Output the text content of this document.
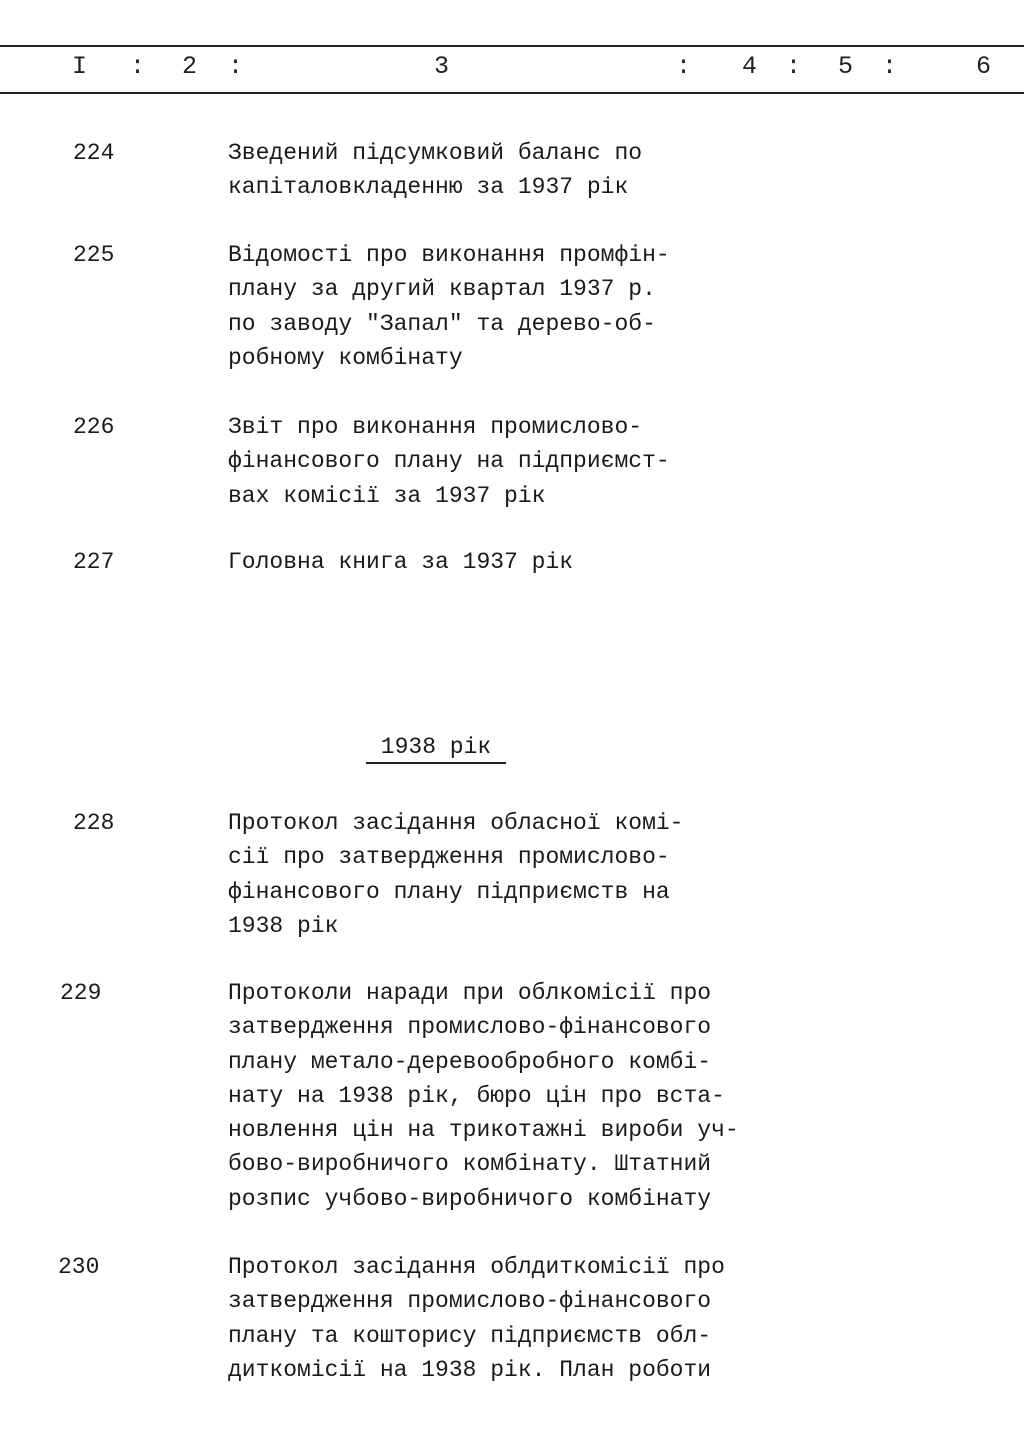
I : 2 :	3	: 4 : 5 :	6
1938 рік
224	Зведений підсумковий баланс по
капіталовкладенню за 1937 рік
225	Відомості про виконання промфін-
плану за другий квартал 1937 р.
по заводу "Запал" та дерево-об-
робному комбінату
226	Звіт про виконання промислово-
фінансового плану на підприємст-
вах комісії за 1937 рік
227	Головна книга за 1937 рік
228	Протокол засідання обласної комі-
сії про затвердження промислово-
фінансового плану підприємств на
1938 рік
229	Протоколи наради при облкомісії про
затвердження промислово-фінансового
плану метало-деревообробного комбі-
нату на 1938 рік, бюро цін про вста-
новлення цін на трикотажні вироби уч-
бово-виробничого комбінату. Штатний
розпис учбово-виробничого комбінату
230	Протокол засідання облдиткомісії про
затвердження промислово-фінансового
плану та кошторису підприємств обл-
диткомісії на 1938 рік. План роботи
